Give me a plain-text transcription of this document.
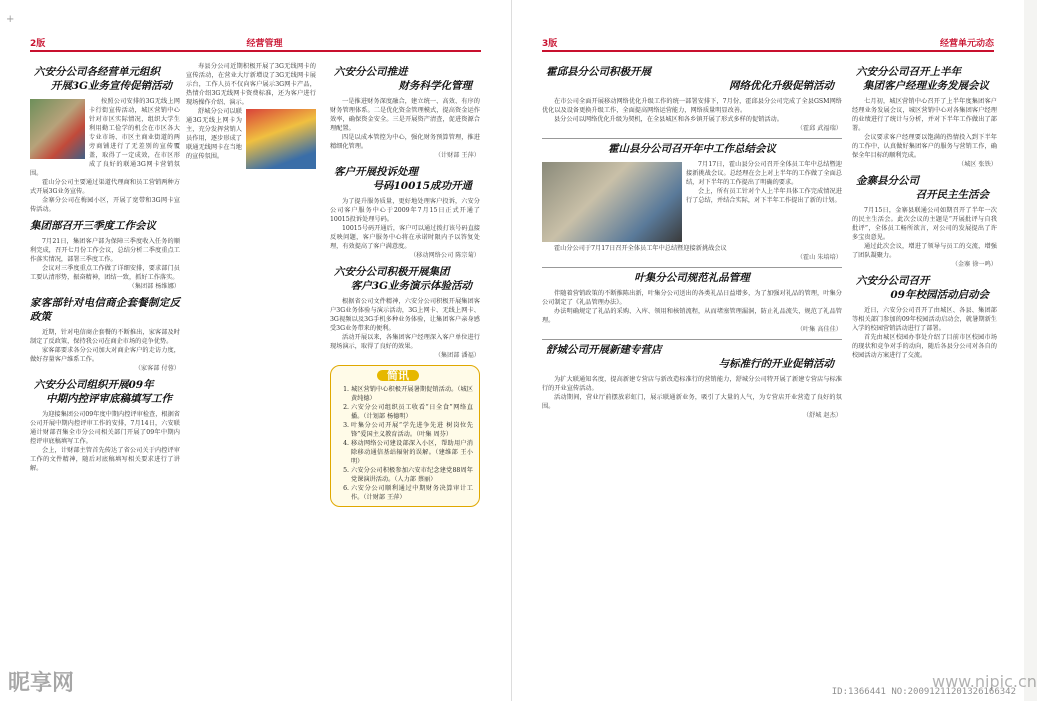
+
2版	经营管理
六安分公司各经营单元组织
开展3G业务宣传促销活动
按照公司安排的3G无线上网卡行街宣传活动，城区营销中心针对市区实际情况，组织大学生利用勤工俭学的机会在市区各大专业市场、市区主商业街道的两旁商铺进行了无差别的宣传覆盖，取得了一定成效，在市区形成了良好的联通3G网卡营销氛围。
霍山分公司主要通过渠道代理商和员工营销两种方式开展3G业务宣传。
金寨分公司在梅园小区，开展了宽带和3G网卡宣传活动。
集团部召开三季度工作会议
7月21日，集团客户部为保障三季度收入任务的顺利完成，召开七月份工作会议，总结分析二季度重点工作落实情况，部署三季度工作。
会议对三季度重点工作做了详细安排，要求部门员工要认清形势，振奋精神，团结一致，抓好工作落实。
（集团部 杨维娜）
家客部针对电信商企套餐制定反政策
近期，针对电信商企套餐的不断推出，家客部及时制定了反政策，保持我公司在商企市场的竞争优势。
家客部要求各分公司加大对商企客户的走访力度，做好存量客户维系工作。
（家客部 付蓉）
六安分公司组织开展09年
中期内控评审底稿填写工作
为迎接集团公司09年度中期内控评审检查，根据省公司开展中期内控评审工作的安排，7月14日，六安联通计财部召集全市分公司相关部门开展了09年中期内控评审底稿填写工作。
会上，计财部主管首先传达了省公司关于内控评审工作的文件精神，随后对底稿填写相关要求进行了讲解。
寿县分公司近期积极开展了3G无线网卡的宣传活动，在营业大厅新增设了3G无线网卡展示台，工作人员不仅向客户展示3G网卡产品，热情介绍3G无线网卡资费标准，还为客户进行现场操作介绍、演示。
舒城分公司以联通3G无线上网卡为主，充分发挥营销人员作用，逐步形成了联通无线网卡在当地的宣传氛围。
六安分公司推进
财务科学化管理
一是推进财务深度融合，建立统一、高效、有序的财务管理体系。二是优化资金管理模式，提高资金运作效率，确保资金安全。三是开展资产清查，促进资源合理配置。
四是以成本管控为中心，强化财务预算管理，推进精细化管理。
（计财部 王萍）
客户开展投诉处理
号码10015成功开通
为了提升服务质量，更好地处理客户投诉，六安分公司客户服务中心于2009年7月15日正式开通了10015投诉处理号码。
10015号码开通后，客户可以通过拨打该号码直接反映问题，客户服务中心将在承诺时限内予以答复处理，有效提高了客户满意度。
（移动网络公司 陈宗菊）
六安分公司积极开展集团
客户3G业务演示体验活动
根据省公司文件精神，六安分公司积极开展集团客户3G业务体验与演示活动，3G上网卡、无线上网卡、3G视频以及3G手机多种业务体验，让集团客户亲身感受3G业务带来的便利。
活动开展以来，各集团客户经理深入客户单位进行现场演示，取得了良好的效果。
（集团部 潘福）
简讯
1. 城区营销中心积极开展暑期促销活动。（城区 黄纯德）
2. 六安分公司组织员工收看“日全食”网络直播。（计划部 杨德明）
3. 叶集分公司开展“学先进争先进 树岗位先锋”爱国主义教育活动。（叶集 周芬）
4. 移动网络公司建设部深入小区，帮助用户消除移动通信基站辐射的误解。（建维部 王小明）
5. 六安分公司积极参加六安市纪念建党88周年党课演讲活动。（人力部 蔡丽）
6. 六安分公司顺利通过中期财务决算审计工作。（计财部 王萍）
昵享网
3版	经营单元动态
霍邱县分公司积极开展
网络优化升级促销活动
在市公司全面开展移动网络优化升级工作的统一部署安排下，7月份，霍邱县分公司完成了全县GSM网络优化以及设备更换升级工作，全面提高网络运营能力，网络质量明显改善。
县分公司以网络优化升级为契机，在全县城区和各乡镇开展了形式多样的促销活动。
（霍邱 武福瑞）
霍山县分公司召开年中工作总结会议
7月17日，霍山县分公司召开全体员工年中总结暨迎接新挑战会议。总经理在会上对上半年的工作做了全面总结，对下半年的工作提出了明确的要求。
会上，所有员工针对个人上半年具体工作完成情况进行了总结，并结合实际，对下半年工作提出了新的计划。
霍山分公司于7月17日召开全体员工年中总结暨迎接新挑战会议
（霍山 朱培培）
叶集分公司规范礼品管理
伴随着营销政策的不断推陈出新，叶集分公司送出的各类礼品日益增多，为了加强对礼品的管理，叶集分公司制定了《礼品管理办法》。
办法明确规定了礼品的采购、入库、领用和核销流程，从而堵塞管理漏洞，防止礼品流失，规范了礼品管理。
（叶集 高佳佳）
舒城公司开展新建专营店
与标准行的开业促销活动
为扩大联通知名度，提高新建专营店与新改造标准行的营销能力，舒城分公司特开展了新建专营店与标准行的开业宣传活动。
活动期间，营业厅前摆放彩虹门，展示联通新业务，吸引了大量的人气，为专营店开业营造了良好的氛围。
（舒城 赵杰）
六安分公司召开上半年
集团客户经理业务发展会议
七月初，城区营销中心召开了上半年度集团客户经理业务发展会议，城区营销中心对各集团客户经理的业绩进行了统计与分析，并对下半年工作做出了部署。
会议要求客户经理要以饱满的热情投入到下半年的工作中，认真做好集团客户的服务与营销工作，确保全年目标的顺利完成。
（城区 张铁）
金寨县分公司
召开民主生活会
7月15日，金寨县联通公司如期召开了半年一次的民主生活会。此次会议的主题是“开展批评与自我批评”，全体员工畅所欲言，对公司的发展提出了许多宝贵意见。
通过此次会议，增进了领导与员工的交流，增强了团队凝聚力。
（金寨 徐一鸣）
六安分公司召开
09年校园活动启动会
近日，六安分公司召开了由城区、各县、集团部等相关部门参加的09年校园活动启动会，就暑期新生入学的校园营销活动进行了部署。
首先由城区校园办事处介绍了目前市区校园市场的现状和竞争对手的动向，随后各县分公司对各自的校园活动方案进行了交流。
www.nipic.cn
ID:1366441 NO:20091211201326166342
